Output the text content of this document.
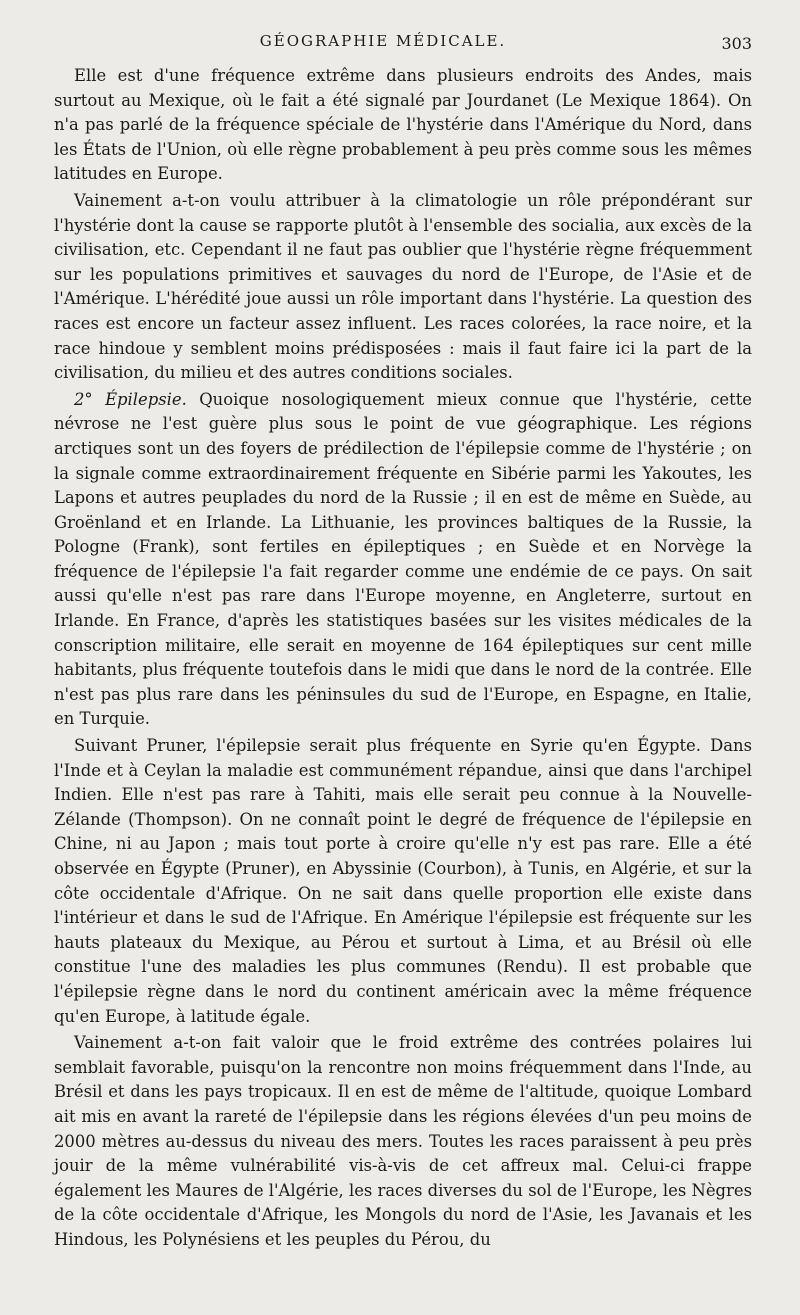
GÉOGRAPHIE MÉDICALE.	303

Elle est d'une fréquence extrême dans plusieurs endroits des Andes, mais surtout au Mexique, où le fait a été signalé par Jourdanet (Le Mexique 1864). On n'a pas parlé de la fréquence spéciale de l'hystérie dans l'Amérique du Nord, dans les États de l'Union, où elle règne probablement à peu près comme sous les mêmes latitudes en Europe.

Vainement a-t-on voulu attribuer à la climatologie un rôle prépondérant sur l'hystérie dont la cause se rapporte plutôt à l'ensemble des socialia, aux excès de la civilisation, etc. Cependant il ne faut pas oublier que l'hystérie règne fréquemment sur les populations primitives et sauvages du nord de l'Europe, de l'Asie et de l'Amérique. L'hérédité joue aussi un rôle important dans l'hystérie. La question des races est encore un facteur assez influent. Les races colorées, la race noire, et la race hindoue y semblent moins prédisposées : mais il faut faire ici la part de la civilisation, du milieu et des autres conditions sociales.

2° Épilepsie. Quoique nosologiquement mieux connue que l'hystérie, cette névrose ne l'est guère plus sous le point de vue géographique. Les régions arctiques sont un des foyers de prédilection de l'épilepsie comme de l'hystérie ; on la signale comme extraordinairement fréquente en Sibérie parmi les Yakoutes, les Lapons et autres peuplades du nord de la Russie ; il en est de même en Suède, au Groënland et en Irlande. La Lithuanie, les provinces baltiques de la Russie, la Pologne (Frank), sont fertiles en épileptiques ; en Suède et en Norvège la fréquence de l'épilepsie l'a fait regarder comme une endémie de ce pays. On sait aussi qu'elle n'est pas rare dans l'Europe moyenne, en Angleterre, surtout en Irlande. En France, d'après les statistiques basées sur les visites médicales de la conscription militaire, elle serait en moyenne de 164 épileptiques sur cent mille habitants, plus fréquente toutefois dans le midi que dans le nord de la contrée. Elle n'est pas plus rare dans les péninsules du sud de l'Europe, en Espagne, en Italie, en Turquie.

Suivant Pruner, l'épilepsie serait plus fréquente en Syrie qu'en Égypte. Dans l'Inde et à Ceylan la maladie est communément répandue, ainsi que dans l'archipel Indien. Elle n'est pas rare à Tahiti, mais elle serait peu connue à la Nouvelle-Zélande (Thompson). On ne connaît point le degré de fréquence de l'épilepsie en Chine, ni au Japon ; mais tout porte à croire qu'elle n'y est pas rare. Elle a été observée en Égypte (Pruner), en Abyssinie (Courbon), à Tunis, en Algérie, et sur la côte occidentale d'Afrique. On ne sait dans quelle proportion elle existe dans l'intérieur et dans le sud de l'Afrique. En Amérique l'épilepsie est fréquente sur les hauts plateaux du Mexique, au Pérou et surtout à Lima, et au Brésil où elle constitue l'une des maladies les plus communes (Rendu). Il est probable que l'épilepsie règne dans le nord du continent américain avec la même fréquence qu'en Europe, à latitude égale.

Vainement a-t-on fait valoir que le froid extrême des contrées polaires lui semblait favorable, puisqu'on la rencontre non moins fréquemment dans l'Inde, au Brésil et dans les pays tropicaux. Il en est de même de l'altitude, quoique Lombard ait mis en avant la rareté de l'épilepsie dans les régions élevées d'un peu moins de 2000 mètres au-dessus du niveau des mers. Toutes les races paraissent à peu près jouir de la même vulnérabilité vis-à-vis de cet affreux mal. Celui-ci frappe également les Maures de l'Algérie, les races diverses du sol de l'Europe, les Nègres de la côte occidentale d'Afrique, les Mongols du nord de l'Asie, les Javanais et les Hindous, les Polynésiens et les peuples du Pérou, du
